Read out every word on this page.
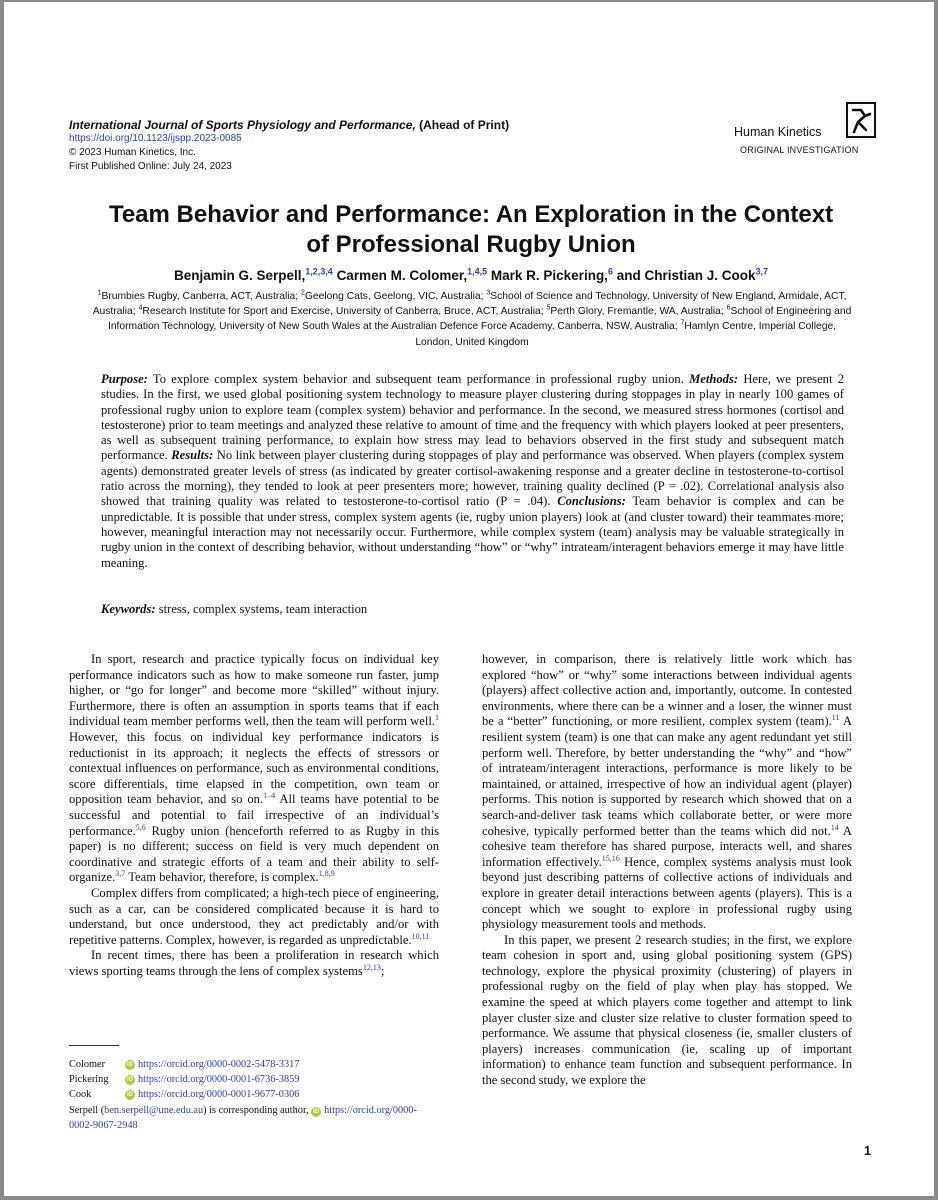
International Journal of Sports Physiology and Performance, (Ahead of Print)
https://doi.org/10.1123/ijspp.2023-0085
© 2023 Human Kinetics, Inc.
First Published Online: July 24, 2023
Human Kinetics
ORIGINAL INVESTIGATION
Team Behavior and Performance: An Exploration in the Context
of Professional Rugby Union
Benjamin G. Serpell,$^{1,2,3,4}$ Carmen M. Colomer,$^{1,4,5}$ Mark R. Pickering,$^6$ and Christian J. Cook$^{3,7}$
$^1$Brumbies Rugby, Canberra, ACT, Australia; $^2$Geelong Cats, Geelong, VIC, Australia; $^3$School of Science and Technology, University of New England, Armidale, ACT, Australia; $^4$Research Institute for Sport and Exercise, University of Canberra, Bruce, ACT, Australia; $^5$Perth Glory, Fremantle, WA, Australia; $^6$School of Engineering and Information Technology, University of New South Wales at the Australian Defence Force Academy, Canberra, NSW, Australia; $^7$Hamlyn Centre, Imperial College, London, United Kingdom
Purpose: To explore complex system behavior and subsequent team performance in professional rugby union. Methods: Here, we present 2 studies. In the first, we used global positioning system technology to measure player clustering during stoppages in play in nearly 100 games of professional rugby union to explore team (complex system) behavior and performance. In the second, we measured stress hormones (cortisol and testosterone) prior to team meetings and analyzed these relative to amount of time and the frequency with which players looked at peer presenters, as well as subsequent training performance, to explain how stress may lead to behaviors observed in the first study and subsequent match performance. Results: No link between player clustering during stoppages of play and performance was observed. When players (complex system agents) demonstrated greater levels of stress (as indicated by greater cortisol-awakening response and a greater decline in testosterone-to-cortisol ratio across the morning), they tended to look at peer presenters more; however, training quality declined (P = .02). Correlational analysis also showed that training quality was related to testosterone-to-cortisol ratio (P = .04). Conclusions: Team behavior is complex and can be unpredictable. It is possible that under stress, complex system agents (ie, rugby union players) look at (and cluster toward) their teammates more; however, meaningful interaction may not necessarily occur. Furthermore, while complex system (team) analysis may be valuable strategically in rugby union in the context of describing behavior, without understanding “how” or “why” intrateam/interagent behaviors emerge it may have little meaning.
Keywords: stress, complex systems, team interaction

In sport, research and practice typically focus on individual key performance indicators such as how to make someone run faster, jump higher, or “go for longer” and become more “skilled” without injury. Furthermore, there is often an assumption in sports teams that if each individual team member performs well, then the team will perform well.$^1$ However, this focus on individual key performance indicators is reductionist in its approach; it neglects the effects of stressors or contextual influences on performance, such as environmental conditions, score differentials, time elapsed in the competition, own team or opposition team behavior, and so on.$^{1-4}$ All teams have potential to be successful and potential to fail irrespective of an individual’s performance.$^{5,6}$ Rugby union (henceforth referred to as Rugby in this paper) is no different; success on field is very much dependent on coordinative and strategic efforts of a team and their ability to self-organize.$^{3,7}$ Team behavior, therefore, is complex.$^{1,8,9}$

Complex differs from complicated; a high-tech piece of engineering, such as a car, can be considered complicated because it is hard to understand, but once understood, they act predictably and/or with repetitive patterns. Complex, however, is regarded as unpredictable.$^{10,11}$

In recent times, there has been a proliferation in research which views sporting teams through the lens of complex systems$^{12,13}$;

however, in comparison, there is relatively little work which has explored “how” or “why” some interactions between individual agents (players) affect collective action and, importantly, outcome. In contested environments, where there can be a winner and a loser, the winner must be a “better” functioning, or more resilient, complex system (team).$^{11}$ A resilient system (team) is one that can make any agent redundant yet still perform well. Therefore, by better understanding the “why” and “how” of intrateam/interagent interactions, performance is more likely to be maintained, or attained, irrespective of how an individual agent (player) performs. This notion is supported by research which showed that on a search-and-deliver task teams which collaborate better, or were more cohesive, typically performed better than the teams which did not.$^{14}$ A cohesive team therefore has shared purpose, interacts well, and shares information effectively.$^{15,16}$ Hence, complex systems analysis must look beyond just describing patterns of collective actions of individuals and explore in greater detail interactions between agents (players). This is a concept which we sought to explore in professional rugby using physiology measurement tools and methods.

In this paper, we present 2 research studies; in the first, we explore team cohesion in sport and, using global positioning system (GPS) technology, explore the physical proximity (clustering) of players in professional rugby on the field of play when play has stopped. We examine the speed at which players come together and attempt to link player cluster size and cluster size relative to cluster formation speed to performance. We assume that physical closeness (ie, smaller clusters of players) increases communication (ie, scaling up of important information) to enhance team function and subsequent performance. In the second study, we explore the

Colomer	iD https://orcid.org/0000-0002-5478-3317
Pickering	iD https://orcid.org/0000-0001-6736-3859
Cook	iD https://orcid.org/0000-0001-9677-0306
Serpell (ben.serpell@une.edu.au) is corresponding author, iD https://orcid.org/0000-0002-9067-2948
1
